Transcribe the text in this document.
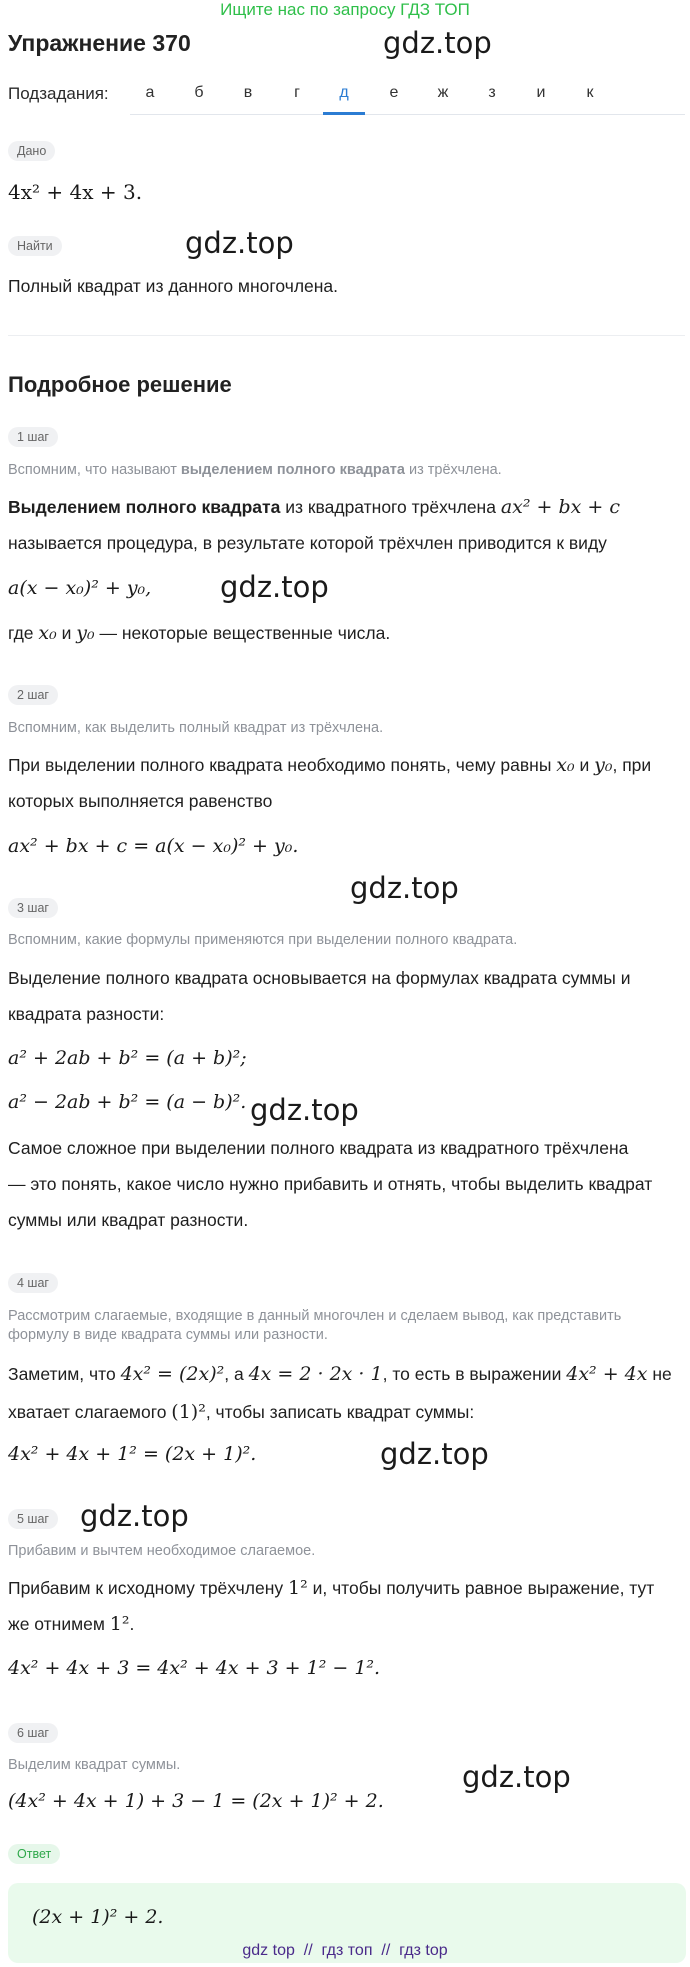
Ищите нас по запросу ГДЗ ТОП
Упражнение 370	gdz.top
Подзадания:	а	б	в	г	д	е	ж	з	и	к
Дано
4x² + 4x + 3.
Найти	gdz.top
Полный квадрат из данного многочлена.
Подробное решение
1 шаг
Вспомним, что называют выделением полного квадрата из трёхчлена.
Выделением полного квадрата из квадратного трёхчлена ax² + bx + c
называется процедура, в результате которой трёхчлен приводится к виду
a(x − x₀)² + y₀, gdz.top
где x₀ и y₀ — некоторые вещественные числа.
2 шаг
Вспомним, как выделить полный квадрат из трёхчлена.
При выделении полного квадрата необходимо понять, чему равны x₀ и y₀, при
которых выполняется равенство
ax² + bx + c = a(x − x₀)² + y₀.
gdz.top
3 шаг
Вспомним, какие формулы применяются при выделении полного квадрата.
Выделение полного квадрата основывается на формулах квадрата суммы и
квадрата разности:
a² + 2ab + b² = (a + b)²;
a² − 2ab + b² = (a − b)². gdz.top
Самое сложное при выделении полного квадрата из квадратного трёхчлена
— это понять, какое число нужно прибавить и отнять, чтобы выделить квадрат
суммы или квадрат разности.
4 шаг
Рассмотрим слагаемые, входящие в данный многочлен и сделаем вывод, как представить формулу в виде квадрата суммы или разности.
Заметим, что 4x² = (2x)², а 4x = 2 · 2x · 1, то есть в выражении 4x² + 4x не
хватает слагаемого (1)², чтобы записать квадрат суммы:
4x² + 4x + 1² = (2x + 1)².	gdz.top
5 шаг	gdz.top
Прибавим и вычтем необходимое слагаемое.
Прибавим к исходному трёхчлену 1² и, чтобы получить равное выражение, тут
же отнимем 1².
4x² + 4x + 3 = 4x² + 4x + 3 + 1² − 1².
6 шаг
Выделим квадрат суммы.	gdz.top
(4x² + 4x + 1) + 3 − 1 = (2x + 1)² + 2.
Ответ
(2x + 1)² + 2.
gdz top  //  гдз топ  //  гдз top
